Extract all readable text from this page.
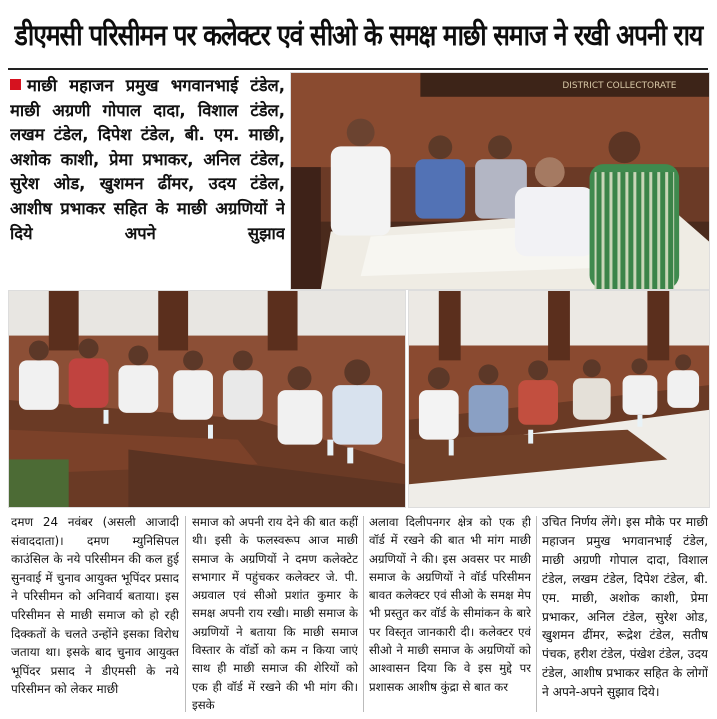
डीएमसी परिसीमन पर कलेक्टर एवं सीओ के समक्ष माछी समाज ने रखी अपनी राय
माछी महाजन प्रमुख भगवानभाई टंडेल, माछी अग्रणी गोपाल दादा, विशाल टंडेल, लखम टंडेल, दिपेश टंडेल, बी. एम. माछी, अशोक काशी, प्रेमा प्रभाकर, अनिल टंडेल, सुरेश ओड, खुशमन ढींमर, उदय टंडेल, आशीष प्रभाकर सहित के माछी अग्रणियों ने दिये अपने सुझाव
DISTRICT COLLECTORATE
दमण 24 नवंबर (असली आजादी संवाददाता)। दमण म्युनिसिपल काउंसिल के नये परिसीमन की कल हुई सुनवाई में चुनाव आयुक्त भूपिंदर प्रसाद ने परिसीमन को अनिवार्य बताया। इस परिसीमन से माछी समाज को हो रही दिक्कतों के चलते उन्होंने इसका विरोध जताया था। इसके बाद चुनाव आयुक्त भूपिंदर प्रसाद ने डीएमसी के नये परिसीमन को लेकर माछी
समाज को अपनी राय देने की बात कहीं थी। इसी के फलस्वरूप आज माछी समाज के अग्रणियों ने दमण कलेक्टेट सभागार में पहुंचकर कलेक्टर जे. पी. अग्रवाल एवं सीओ प्रशांत कुमार के समक्ष अपनी राय रखी। माछी समाज के अग्रणियों ने बताया कि माछी समाज विस्तार के वॉर्डो को कम न किया जाएं साथ ही माछी समाज की शेरियों को एक ही वॉर्ड में रखने की भी मांग की। इसके
अलावा दिलीपनगर क्षेत्र को एक ही वॉर्ड में रखने की बात भी मांग माछी अग्रणियों ने की। इस अवसर पर माछी समाज के अग्रणियों ने वॉर्ड परिसीमन बावत कलेक्टर एवं सीओ के समक्ष मेप भी प्रस्तुत कर वॉर्ड के सीमांकन के बारे पर विस्तृत जानकारी दी। कलेक्टर एवं सीओ ने माछी समाज के अग्रणियों को आश्वासन दिया कि वे इस मुद्दे पर प्रशासक आशीष कुंद्रा से बात कर
उचित निर्णय लेंगे। इस मौके पर माछी महाजन प्रमुख भगवानभाई टंडेल, माछी अग्रणी गोपाल दादा, विशाल टंडेल, लखम टंडेल, दिपेश टंडेल, बी. एम. माछी, अशोक काशी, प्रेमा प्रभाकर, अनिल टंडेल, सुरेश ओड, खुशमन ढींमर, रूद्रेश टंडेल, सतीष पंचक, हरीश टंडेल, पंखेश टंडेल, उदय टंडेल, आशीष प्रभाकर सहित के लोगों ने अपने-अपने सुझाव दिये।
